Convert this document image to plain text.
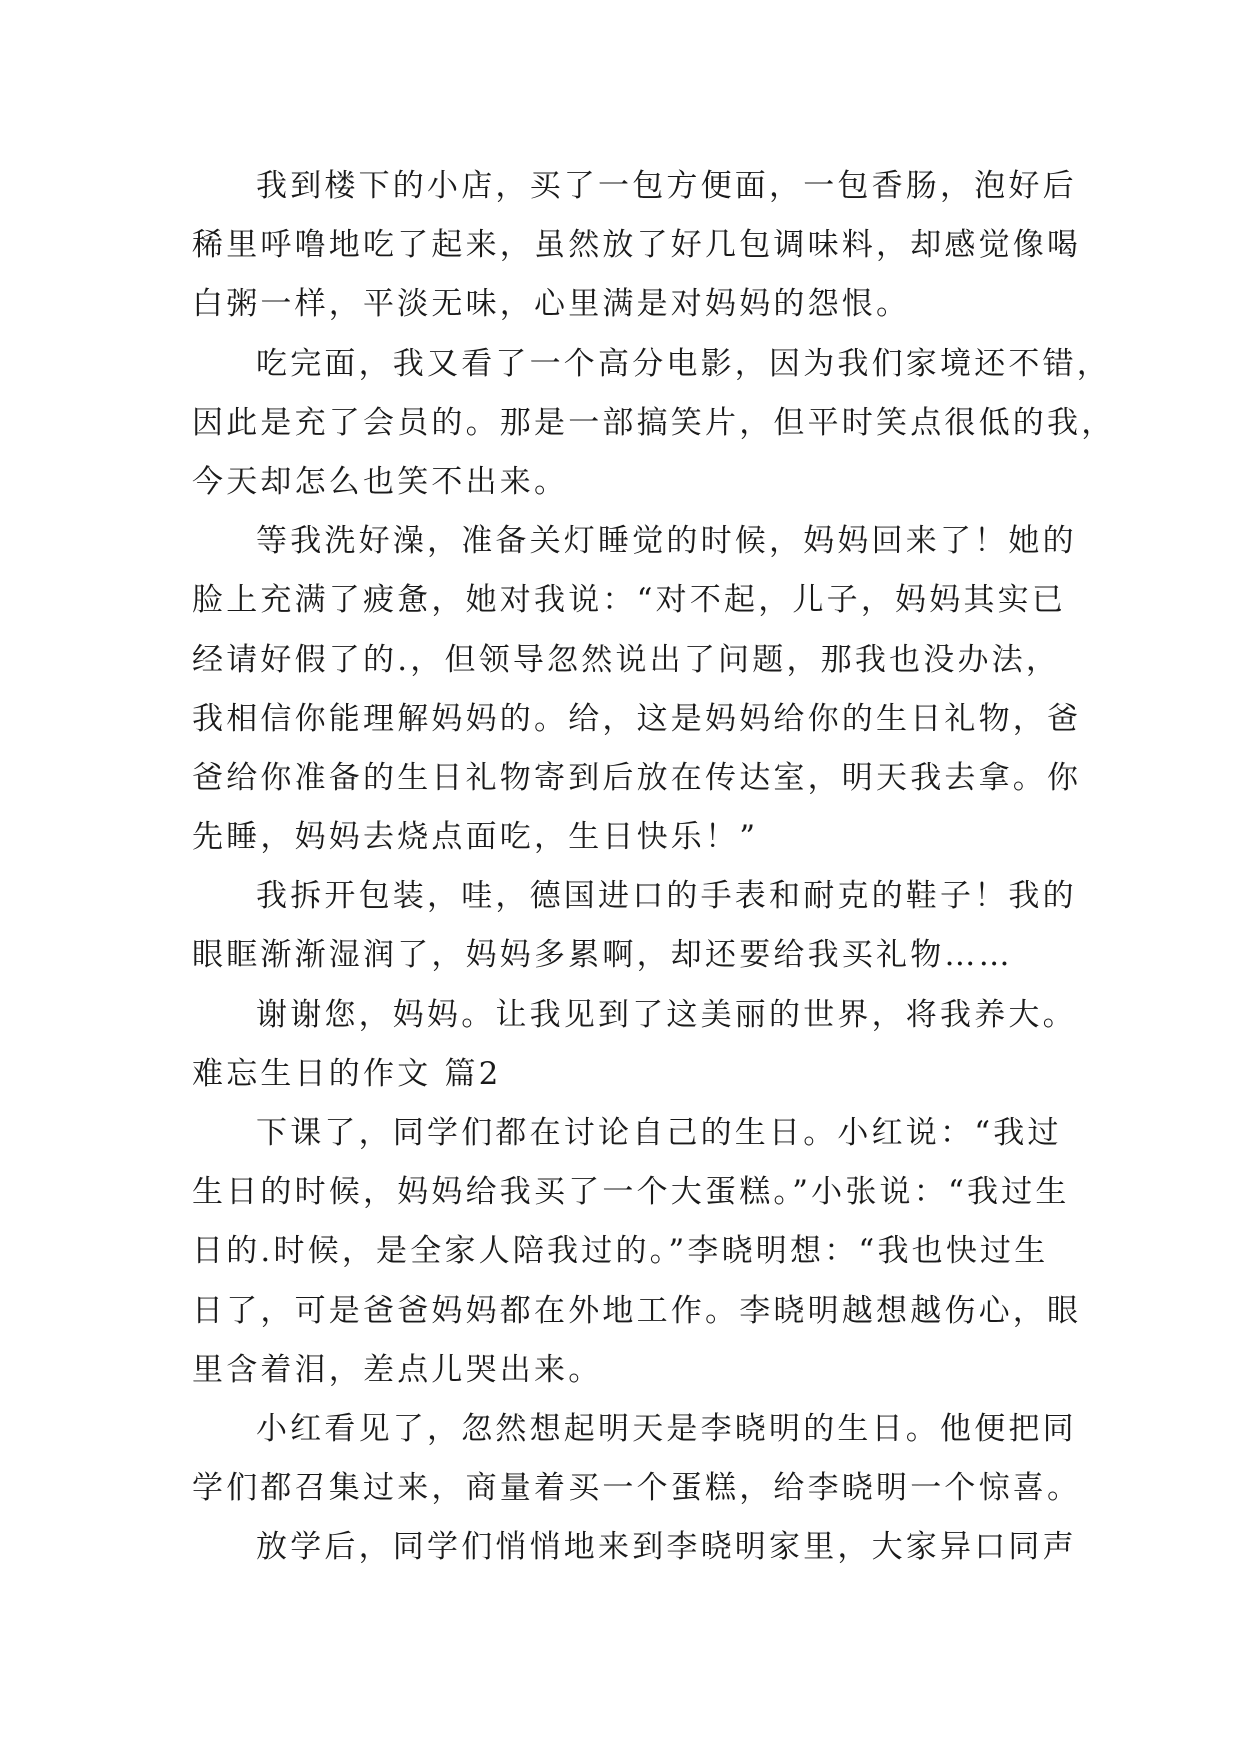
我到楼下的小店，买了一包方便面，一包香肠，泡好后
稀里呼噜地吃了起来，虽然放了好几包调味料，却感觉像喝
白粥一样，平淡无味，心里满是对妈妈的怨恨。
吃完面，我又看了一个高分电影，因为我们家境还不错，
因此是充了会员的。那是一部搞笑片，但平时笑点很低的我，
今天却怎么也笑不出来。
等我洗好澡，准备关灯睡觉的时候，妈妈回来了！她的
脸上充满了疲惫，她对我说：“对不起，儿子，妈妈其实已
经请好假了的.，但领导忽然说出了问题，那我也没办法，
我相信你能理解妈妈的。给，这是妈妈给你的生日礼物，爸
爸给你准备的生日礼物寄到后放在传达室，明天我去拿。你
先睡，妈妈去烧点面吃，生日快乐！”
我拆开包装，哇，德国进口的手表和耐克的鞋子！我的
眼眶渐渐湿润了，妈妈多累啊，却还要给我买礼物……
谢谢您，妈妈。让我见到了这美丽的世界，将我养大。
难忘生日的作文 篇2
下课了，同学们都在讨论自己的生日。小红说：“我过
生日的时候，妈妈给我买了一个大蛋糕。”小张说：“我过生
日的.时候，是全家人陪我过的。”李晓明想：“我也快过生
日了，可是爸爸妈妈都在外地工作。李晓明越想越伤心，眼
里含着泪，差点儿哭出来。
小红看见了，忽然想起明天是李晓明的生日。他便把同
学们都召集过来，商量着买一个蛋糕，给李晓明一个惊喜。
放学后，同学们悄悄地来到李晓明家里，大家异口同声
